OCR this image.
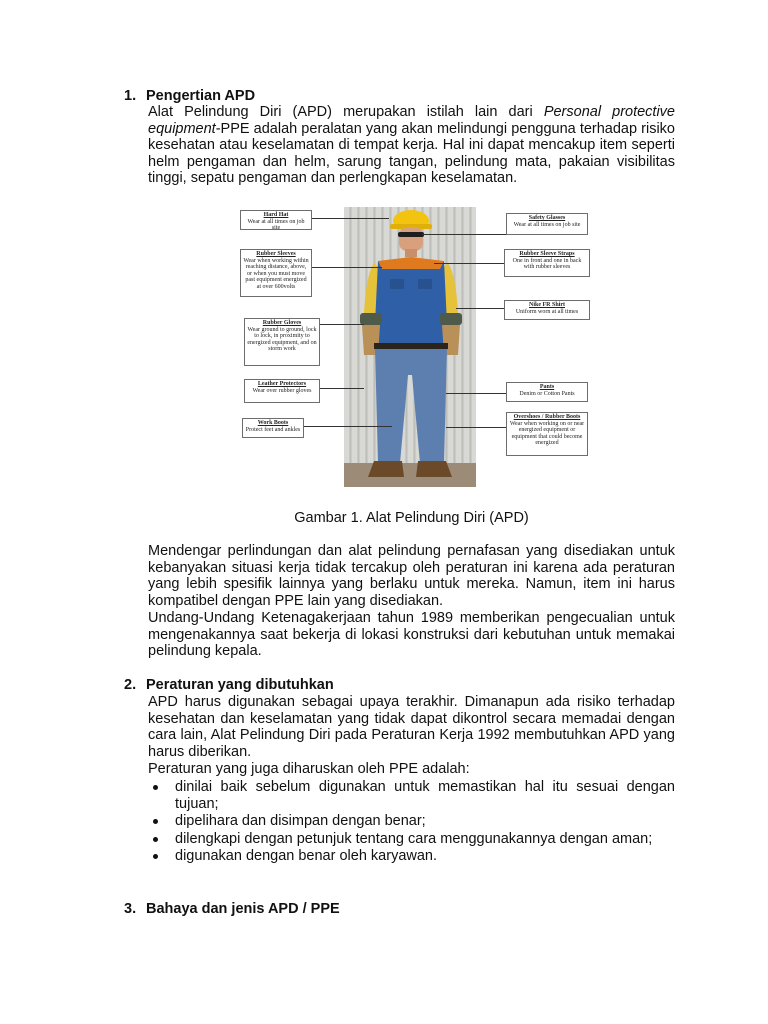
1. Pengertian APD
Alat Pelindung Diri (APD) merupakan istilah lain dari Personal protective equipment-PPE adalah peralatan yang akan melindungi pengguna terhadap risiko kesehatan atau keselamatan di tempat kerja. Hal ini dapat mencakup item seperti helm pengaman dan helm, sarung tangan, pelindung mata, pakaian visibilitas tinggi, sepatu pengaman dan perlengkapan keselamatan.
Hard Hat
Wear at all times on job site
Rubber Sleeves
Wear when working within reaching distance, above, or when you must move past equipment energized at over 600volts
Rubber Gloves
Wear ground to ground, lock to lock, in proximity to energized equipment, and on storm work
Leather Protectors
Wear over rubber gloves
Work Boots
Protect feet and ankles
Safety Glasses
Wear at all times on job site
Rubber Sleeve Straps
One in front and one in back with rubber sleeves
Nike FR Shirt
Uniform worn at all times
Pants
Denim or Cotton Pants
Overshoes / Rubber Boots
Wear when working on or near energized equipment or equipment that could become energized
Gambar 1. Alat Pelindung Diri (APD)
Mendengar perlindungan dan alat pelindung pernafasan yang disediakan untuk kebanyakan situasi kerja tidak tercakup oleh peraturan ini karena ada peraturan yang lebih spesifik lainnya yang berlaku untuk mereka. Namun, item ini harus kompatibel dengan PPE lain yang disediakan.
Undang-Undang Ketenagakerjaan tahun 1989 memberikan pengecualian untuk mengenakannya saat bekerja di lokasi konstruksi dari kebutuhan untuk memakai pelindung kepala.
2. Peraturan yang dibutuhkan
APD harus digunakan sebagai upaya terakhir. Dimanapun ada risiko terhadap kesehatan dan keselamatan yang tidak dapat dikontrol secara memadai dengan cara lain, Alat Pelindung Diri pada Peraturan Kerja 1992 membutuhkan APD yang harus diberikan.
Peraturan yang juga diharuskan oleh PPE adalah:
dinilai baik sebelum digunakan untuk memastikan hal itu sesuai dengan tujuan;
dipelihara dan disimpan dengan benar;
dilengkapi dengan petunjuk tentang cara menggunakannya dengan aman;
digunakan dengan benar oleh karyawan.
3. Bahaya dan jenis APD / PPE
